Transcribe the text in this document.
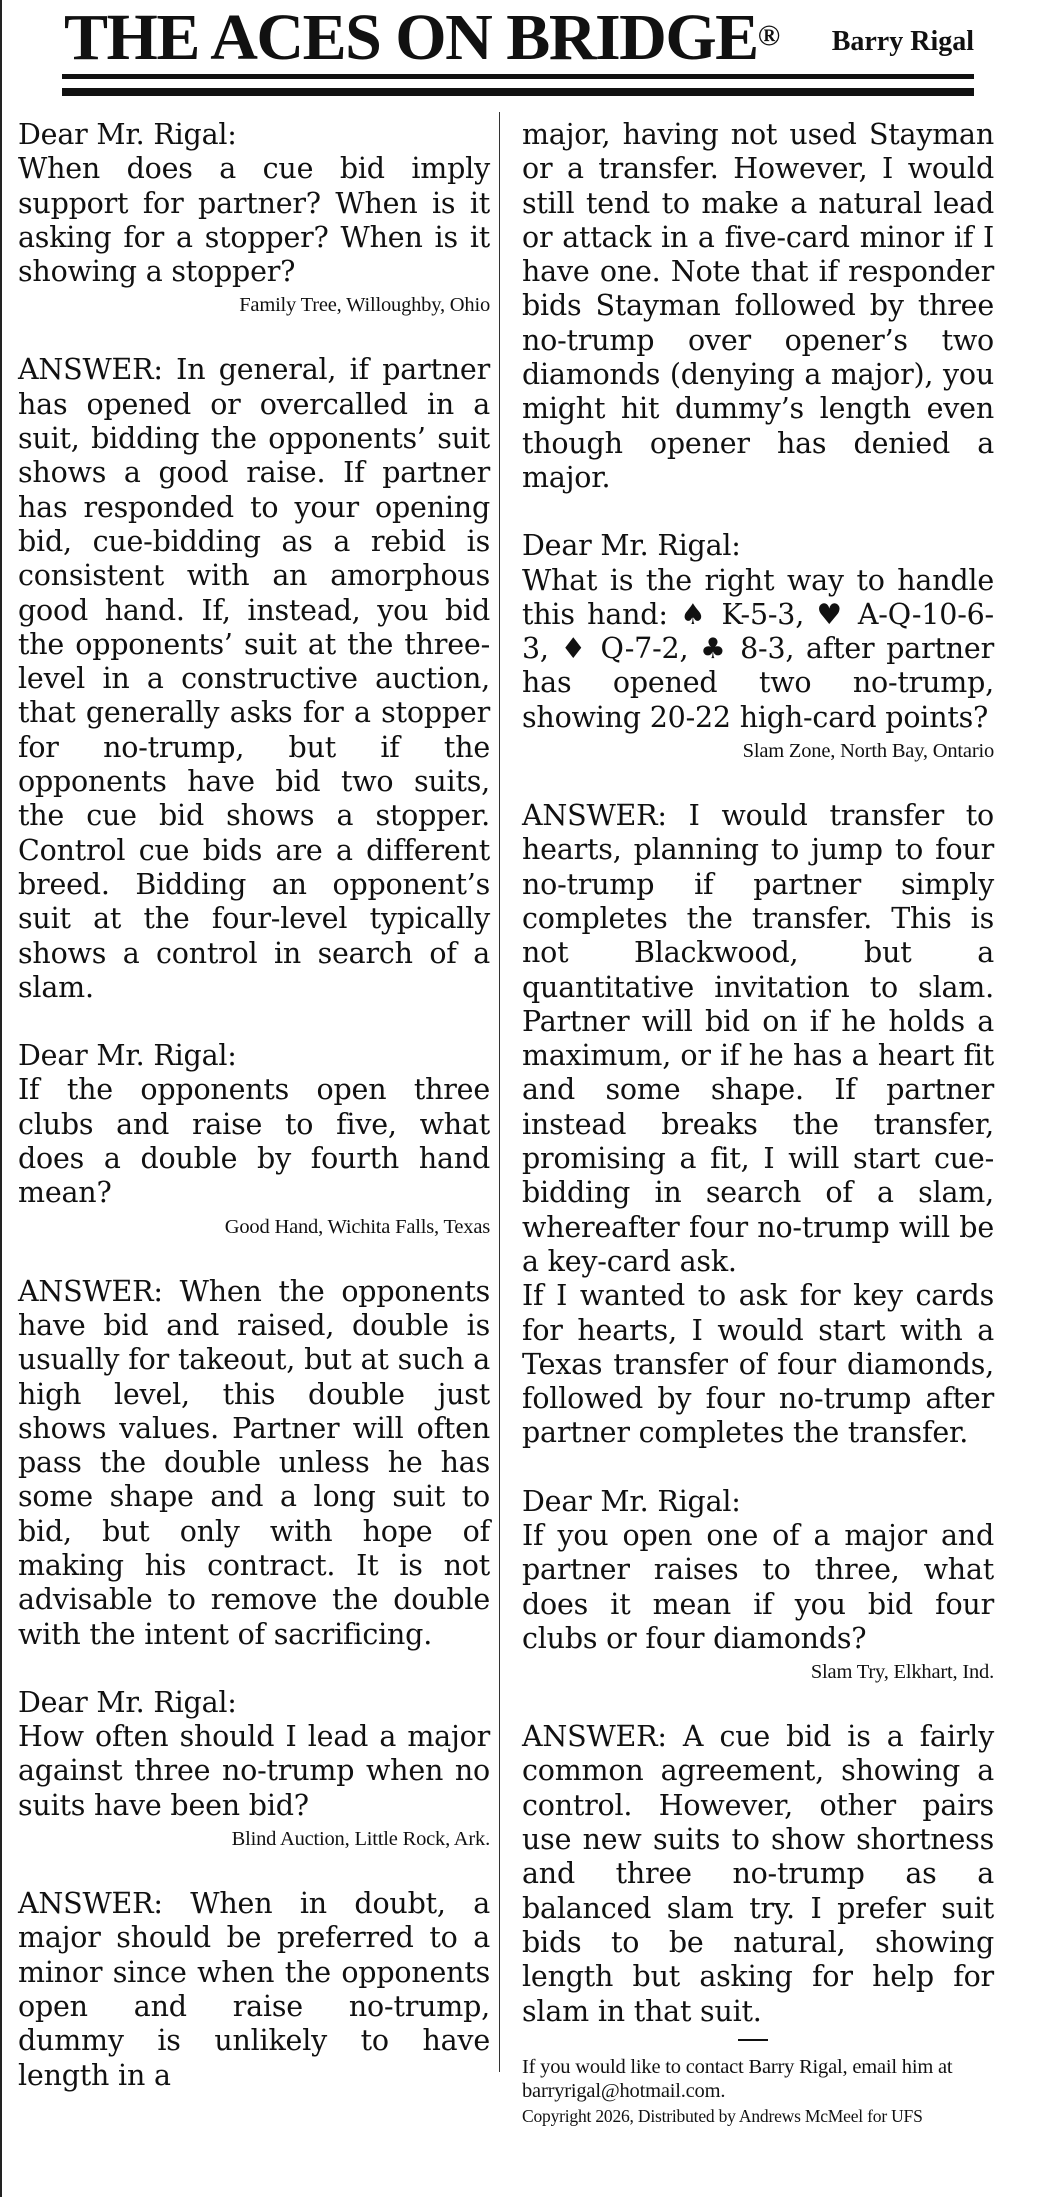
THE ACES ON BRIDGE® Barry Rigal

Dear Mr. Rigal:

When does a cue bid imply support for partner? When is it asking for a stopper? When is it showing a stopper?

Family Tree, Willoughby, Ohio

ANSWER: In general, if partner has opened or overcalled in a suit, bidding the opponents’ suit shows a good raise. If partner has responded to your opening bid, cue-bidding as a rebid is consistent with an amorphous good hand. If, instead, you bid the opponents’ suit at the three-level in a constructive auction, that generally asks for a stopper for no-trump, but if the opponents have bid two suits, the cue bid shows a stopper. Control cue bids are a different breed. Bidding an opponent’s suit at the four-level typically shows a control in search of a slam.

Dear Mr. Rigal:

If the opponents open three clubs and raise to five, what does a double by fourth hand mean?

Good Hand, Wichita Falls, Texas

ANSWER: When the opponents have bid and raised, double is usually for takeout, but at such a high level, this double just shows values. Partner will often pass the double unless he has some shape and a long suit to bid, but only with hope of making his contract. It is not advisable to remove the double with the intent of sacrificing.

Dear Mr. Rigal:

How often should I lead a major against three no-trump when no suits have been bid?

Blind Auction, Little Rock, Ark.

ANSWER: When in doubt, a major should be preferred to a minor since when the opponents open and raise no-trump, dummy is unlikely to have length in a

major, having not used Stayman or a transfer. However, I would still tend to make a natural lead or attack in a five-card minor if I have one. Note that if responder bids Stayman followed by three no-trump over opener’s two diamonds (denying a major), you might hit dummy’s length even though opener has denied a major.

Dear Mr. Rigal:

What is the right way to handle this hand: ♠ K-5-3, ♥ A-Q-10-6-3, ♦ Q-7-2, ♣ 8-3, after partner has opened two no-trump, showing 20-22 high-card points?

Slam Zone, North Bay, Ontario

ANSWER: I would transfer to hearts, planning to jump to four no-trump if partner simply completes the transfer. This is not Blackwood, but a quantitative invitation to slam. Partner will bid on if he holds a maximum, or if he has a heart fit and some shape. If partner instead breaks the transfer, promising a fit, I will start cue-bidding in search of a slam, whereafter four no-trump will be a key-card ask.

If I wanted to ask for key cards for hearts, I would start with a Texas transfer of four diamonds, followed by four no-trump after partner completes the transfer.

Dear Mr. Rigal:

If you open one of a major and partner raises to three, what does it mean if you bid four clubs or four diamonds?

Slam Try, Elkhart, Ind.

ANSWER: A cue bid is a fairly common agreement, showing a control. However, other pairs use new suits to show shortness and three no-trump as a balanced slam try. I prefer suit bids to be natural, showing length but asking for help for slam in that suit.

If you would like to contact Barry Rigal, email him at barryrigal@hotmail.com.
Copyright 2026, Distributed by Andrews McMeel for UFS
